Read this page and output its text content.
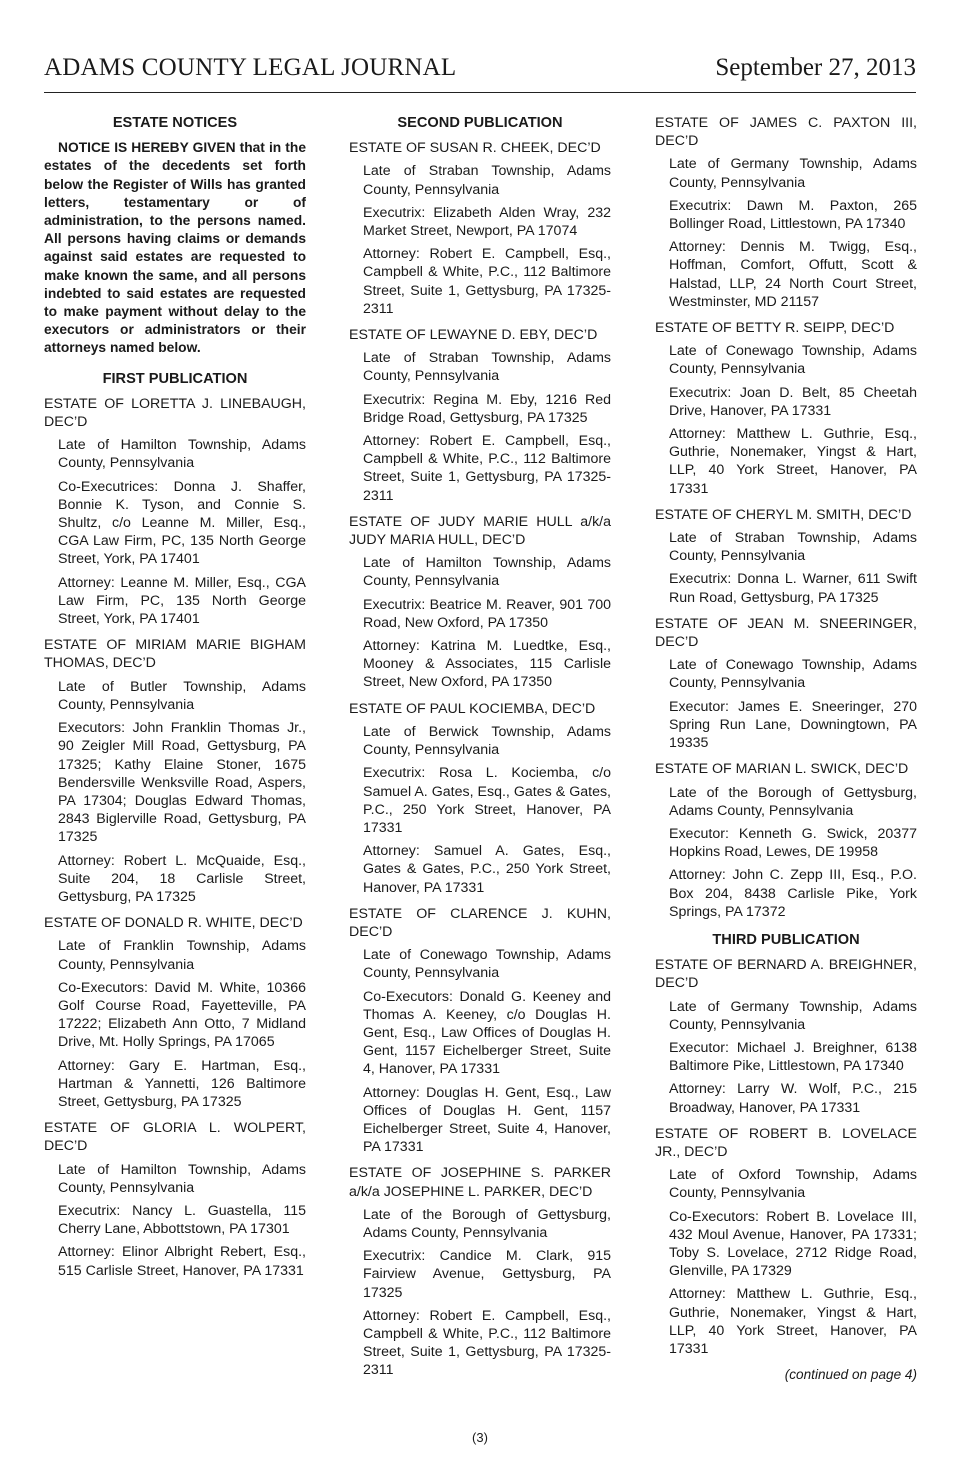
ADAMS COUNTY LEGAL JOURNAL	September 27, 2013
ESTATE NOTICES
NOTICE IS HEREBY GIVEN that in the estates of the decedents set forth below the Register of Wills has granted letters, testamentary or of administration, to the persons named. All persons having claims or demands against said estates are requested to make known the same, and all persons indebted to said estates are requested to make payment without delay to the executors or administrators or their attorneys named below.
FIRST PUBLICATION
ESTATE OF LORETTA J. LINEBAUGH, DEC’D

Late of Hamilton Township, Adams County, Pennsylvania

Co-Executrices: Donna J. Shaffer, Bonnie K. Tyson, and Connie S. Shultz, c/o Leanne M. Miller, Esq., CGA Law Firm, PC, 135 North George Street, York, PA 17401

Attorney: Leanne M. Miller, Esq., CGA Law Firm, PC, 135 North George Street, York, PA 17401

ESTATE OF MIRIAM MARIE BIGHAM THOMAS, DEC’D

Late of Butler Township, Adams County, Pennsylvania

Executors: John Franklin Thomas Jr., 90 Zeigler Mill Road, Gettysburg, PA 17325; Kathy Elaine Stoner, 1675 Bendersville Wenksville Road, Aspers, PA 17304; Douglas Edward Thomas, 2843 Biglerville Road, Gettysburg, PA 17325

Attorney: Robert L. McQuaide, Esq., Suite 204, 18 Carlisle Street, Gettysburg, PA 17325

ESTATE OF DONALD R. WHITE, DEC’D

Late of Franklin Township, Adams County, Pennsylvania

Co-Executors: David M. White, 10366 Golf Course Road, Fayetteville, PA 17222; Elizabeth Ann Otto, 7 Midland Drive, Mt. Holly Springs, PA 17065

Attorney: Gary E. Hartman, Esq., Hartman & Yannetti, 126 Baltimore Street, Gettysburg, PA 17325

ESTATE OF GLORIA L. WOLPERT, DEC’D

Late of Hamilton Township, Adams County, Pennsylvania

Executrix: Nancy L. Guastella, 115 Cherry Lane, Abbottstown, PA 17301

Attorney: Elinor Albright Rebert, Esq., 515 Carlisle Street, Hanover, PA 17331

SECOND PUBLICATION
ESTATE OF SUSAN R. CHEEK, DEC’D

Late of Straban Township, Adams County, Pennsylvania

Executrix: Elizabeth Alden Wray, 232 Market Street, Newport, PA 17074

Attorney: Robert E. Campbell, Esq., Campbell & White, P.C., 112 Baltimore Street, Suite 1, Gettysburg, PA 17325-2311

ESTATE OF LEWAYNE D. EBY, DEC’D

Late of Straban Township, Adams County, Pennsylvania

Executrix: Regina M. Eby, 1216 Red Bridge Road, Gettysburg, PA 17325

Attorney: Robert E. Campbell, Esq., Campbell & White, P.C., 112 Baltimore Street, Suite 1, Gettysburg, PA 17325-2311

ESTATE OF JUDY MARIE HULL a/k/a JUDY MARIA HULL, DEC’D

Late of Hamilton Township, Adams County, Pennsylvania

Executrix: Beatrice M. Reaver, 901 700 Road, New Oxford, PA 17350

Attorney: Katrina M. Luedtke, Esq., Mooney & Associates, 115 Carlisle Street, New Oxford, PA 17350

ESTATE OF PAUL KOCIEMBA, DEC’D

Late of Berwick Township, Adams County, Pennsylvania

Executrix: Rosa L. Kociemba, c/o Samuel A. Gates, Esq., Gates & Gates, P.C., 250 York Street, Hanover, PA 17331

Attorney: Samuel A. Gates, Esq., Gates & Gates, P.C., 250 York Street, Hanover, PA 17331

ESTATE OF CLARENCE J. KUHN, DEC’D

Late of Conewago Township, Adams County, Pennsylvania

Co-Executors: Donald G. Keeney and Thomas A. Keeney, c/o Douglas H. Gent, Esq., Law Offices of Douglas H. Gent, 1157 Eichelberger Street, Suite 4, Hanover, PA 17331

Attorney: Douglas H. Gent, Esq., Law Offices of Douglas H. Gent, 1157 Eichelberger Street, Suite 4, Hanover, PA 17331

ESTATE OF JOSEPHINE S. PARKER a/k/a JOSEPHINE L. PARKER, DEC’D

Late of the Borough of Gettysburg, Adams County, Pennsylvania

Executrix: Candice M. Clark, 915 Fairview Avenue, Gettysburg, PA 17325

Attorney: Robert E. Campbell, Esq., Campbell & White, P.C., 112 Baltimore Street, Suite 1, Gettysburg, PA 17325-2311

ESTATE OF JAMES C. PAXTON III, DEC’D

Late of Germany Township, Adams County, Pennsylvania

Executrix: Dawn M. Paxton, 265 Bollinger Road, Littlestown, PA 17340

Attorney: Dennis M. Twigg, Esq., Hoffman, Comfort, Offutt, Scott & Halstad, LLP, 24 North Court Street, Westminster, MD 21157

ESTATE OF BETTY R. SEIPP, DEC’D

Late of Conewago Township, Adams County, Pennsylvania

Executrix: Joan D. Belt, 85 Cheetah Drive, Hanover, PA 17331

Attorney: Matthew L. Guthrie, Esq., Guthrie, Nonemaker, Yingst & Hart, LLP, 40 York Street, Hanover, PA 17331

ESTATE OF CHERYL M. SMITH, DEC’D

Late of Straban Township, Adams County, Pennsylvania

Executrix: Donna L. Warner, 611 Swift Run Road, Gettysburg, PA 17325

ESTATE OF JEAN M. SNEERINGER, DEC’D

Late of Conewago Township, Adams County, Pennsylvania

Executor: James E. Sneeringer, 270 Spring Run Lane, Downingtown, PA 19335

ESTATE OF MARIAN L. SWICK, DEC’D

Late of the Borough of Gettysburg, Adams County, Pennsylvania

Executor: Kenneth G. Swick, 20377 Hopkins Road, Lewes, DE 19958

Attorney: John C. Zepp III, Esq., P.O. Box 204, 8438 Carlisle Pike, York Springs, PA 17372

THIRD PUBLICATION
ESTATE OF BERNARD A. BREIGHNER, DEC’D

Late of Germany Township, Adams County, Pennsylvania

Executor: Michael J. Breighner, 6138 Baltimore Pike, Littlestown, PA 17340

Attorney: Larry W. Wolf, P.C., 215 Broadway, Hanover, PA 17331

ESTATE OF ROBERT B. LOVELACE JR., DEC’D

Late of Oxford Township, Adams County, Pennsylvania

Co-Executors: Robert B. Lovelace III, 432 Moul Avenue, Hanover, PA 17331; Toby S. Lovelace, 2712 Ridge Road, Glenville, PA 17329

Attorney: Matthew L. Guthrie, Esq., Guthrie, Nonemaker, Yingst & Hart, LLP, 40 York Street, Hanover, PA 17331

(continued on page 4)
(3)
